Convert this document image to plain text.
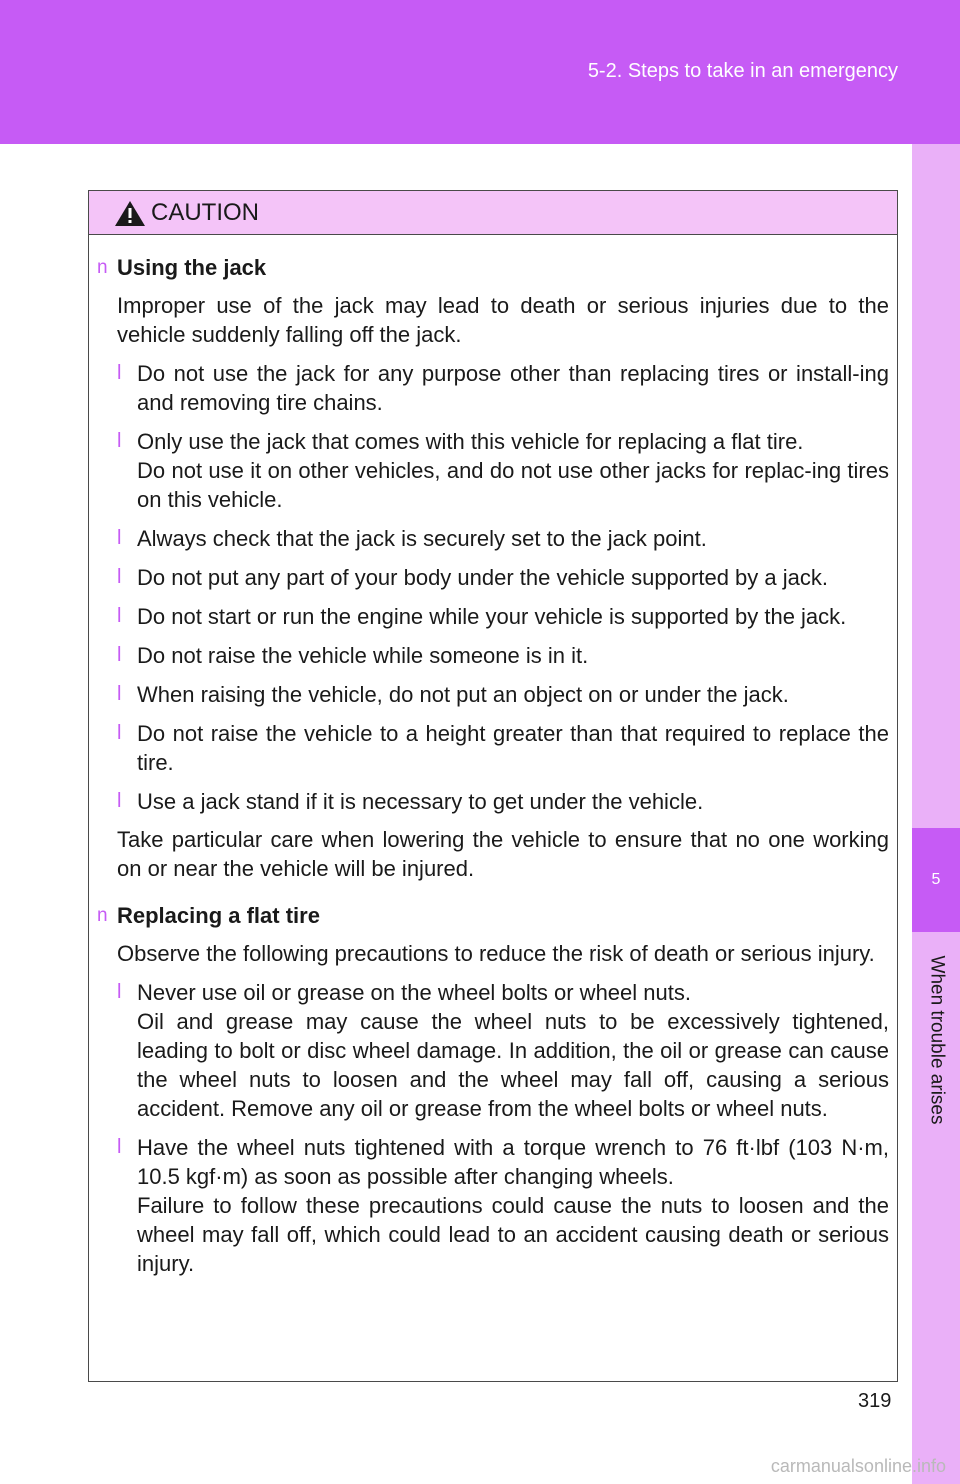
5-2. Steps to take in an emergency
5
When trouble arises
CAUTION
n Using the jack
Improper use of the jack may lead to death or serious injuries due to the vehicle suddenly falling off the jack.
l Do not use the jack for any purpose other than replacing tires or install-ing and removing tire chains.
l Only use the jack that comes with this vehicle for replacing a flat tire.
Do not use it on other vehicles, and do not use other jacks for replac-ing tires on this vehicle.
l Always check that the jack is securely set to the jack point.
l Do not put any part of your body under the vehicle supported by a jack.
l Do not start or run the engine while your vehicle is supported by the jack.
l Do not raise the vehicle while someone is in it.
l When raising the vehicle, do not put an object on or under the jack.
l Do not raise the vehicle to a height greater than that required to replace the tire.
l Use a jack stand if it is necessary to get under the vehicle.
Take particular care when lowering the vehicle to ensure that no one working on or near the vehicle will be injured.
n Replacing a flat tire
Observe the following precautions to reduce the risk of death or serious injury.
l Never use oil or grease on the wheel bolts or wheel nuts.
Oil and grease may cause the wheel nuts to be excessively tightened, leading to bolt or disc wheel damage. In addition, the oil or grease can cause the wheel nuts to loosen and the wheel may fall off, causing a serious accident. Remove any oil or grease from the wheel bolts or wheel nuts.
l Have the wheel nuts tightened with a torque wrench to 76 ft·lbf (103 N·m, 10.5 kgf·m) as soon as possible after changing wheels.
Failure to follow these precautions could cause the nuts to loosen and the wheel may fall off, which could lead to an accident causing death or serious injury.
319
carmanualsonline.info
